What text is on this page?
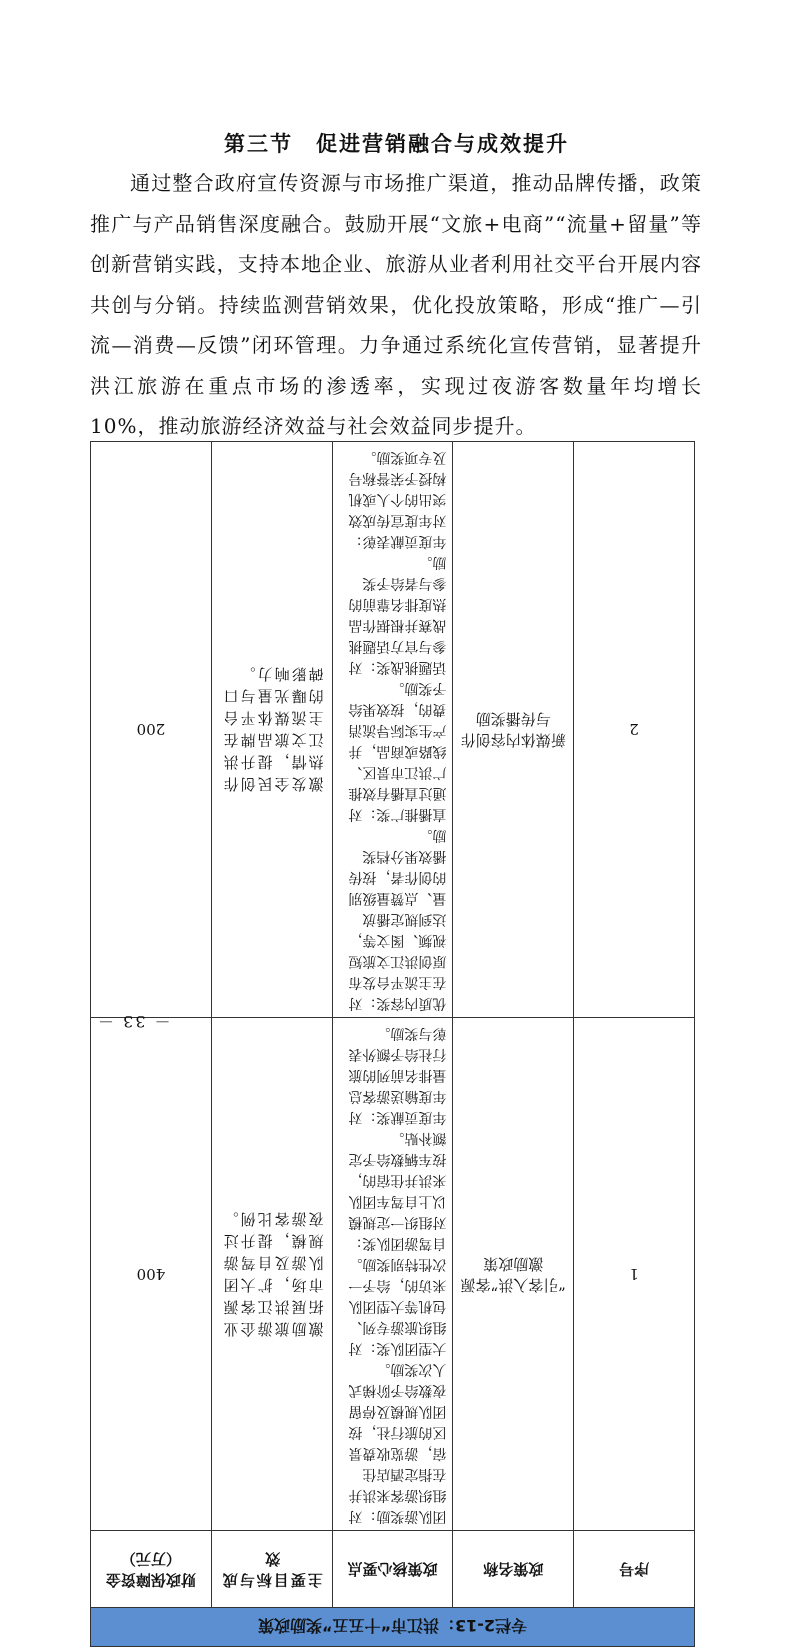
第三节　促进营销融合与成效提升

通过整合政府宣传资源与市场推广渠道，推动品牌传播，政策推广与产品销售深度融合。鼓励开展“文旅+电商”“流量+留量”等创新营销实践，支持本地企业、旅游从业者利用社交平台开展内容共创与分销。持续监测营销效果，优化投放策略，形成“推广—引流—消费—反馈”闭环管理。力争通过系统化宣传营销，显著提升洪江旅游在重点市场的渗透率，实现过夜游客数量年均增长10%，推动旅游经济效益与社会效益同步提升。

专栏2-13：洪江市“十五五”奖励政策				
序号	政策名称	政策核心要点	主要目标与成效	财政保障资金（万元）
1	“引客入洪”客源激励政策	团队游奖励：对组织游客来洪并在指定酒店住宿，游览收费景区的旅行社，按团队规模及停留夜数给予阶梯式人次奖励。
大型团队奖：对组织旅游专列、包机等大型团队来访的，给予一次性特别奖励。
自驾游团队奖：对组织一定规模以上自驾车团队来洪并住宿的，按车辆数给予定额补贴。
年度贡献奖：对年度输送游客总量排名前列的旅行社给予额外表彰与奖励。	激励旅游企业拓展洪江客源市场，扩大团队游及自驾游规模，提升过夜游客比例。	400
2	新媒体内容创作与传播奖励	优质内容奖：对在主流平台发布原创洪江文旅短视频、图文等，达到规定播放量、点赞量级别的创作者，按传播效果分档奖励。
直播推广奖：对通过直播有效推广洪江市景区、线路或商品，并产生实际导流消费的，按效果给予奖励。
话题挑战奖：对参与官方话题挑战赛并根据作品热度排名靠前的参与者给予奖励。
年度贡献表彰：对年度宣传成效突出的个人或机构授予荣誉称号及专项奖励。	激发全民创作热情，提升洪江文旅品牌在主流媒体平台的曝光量与口碑影响力。	200
－ 33 －
